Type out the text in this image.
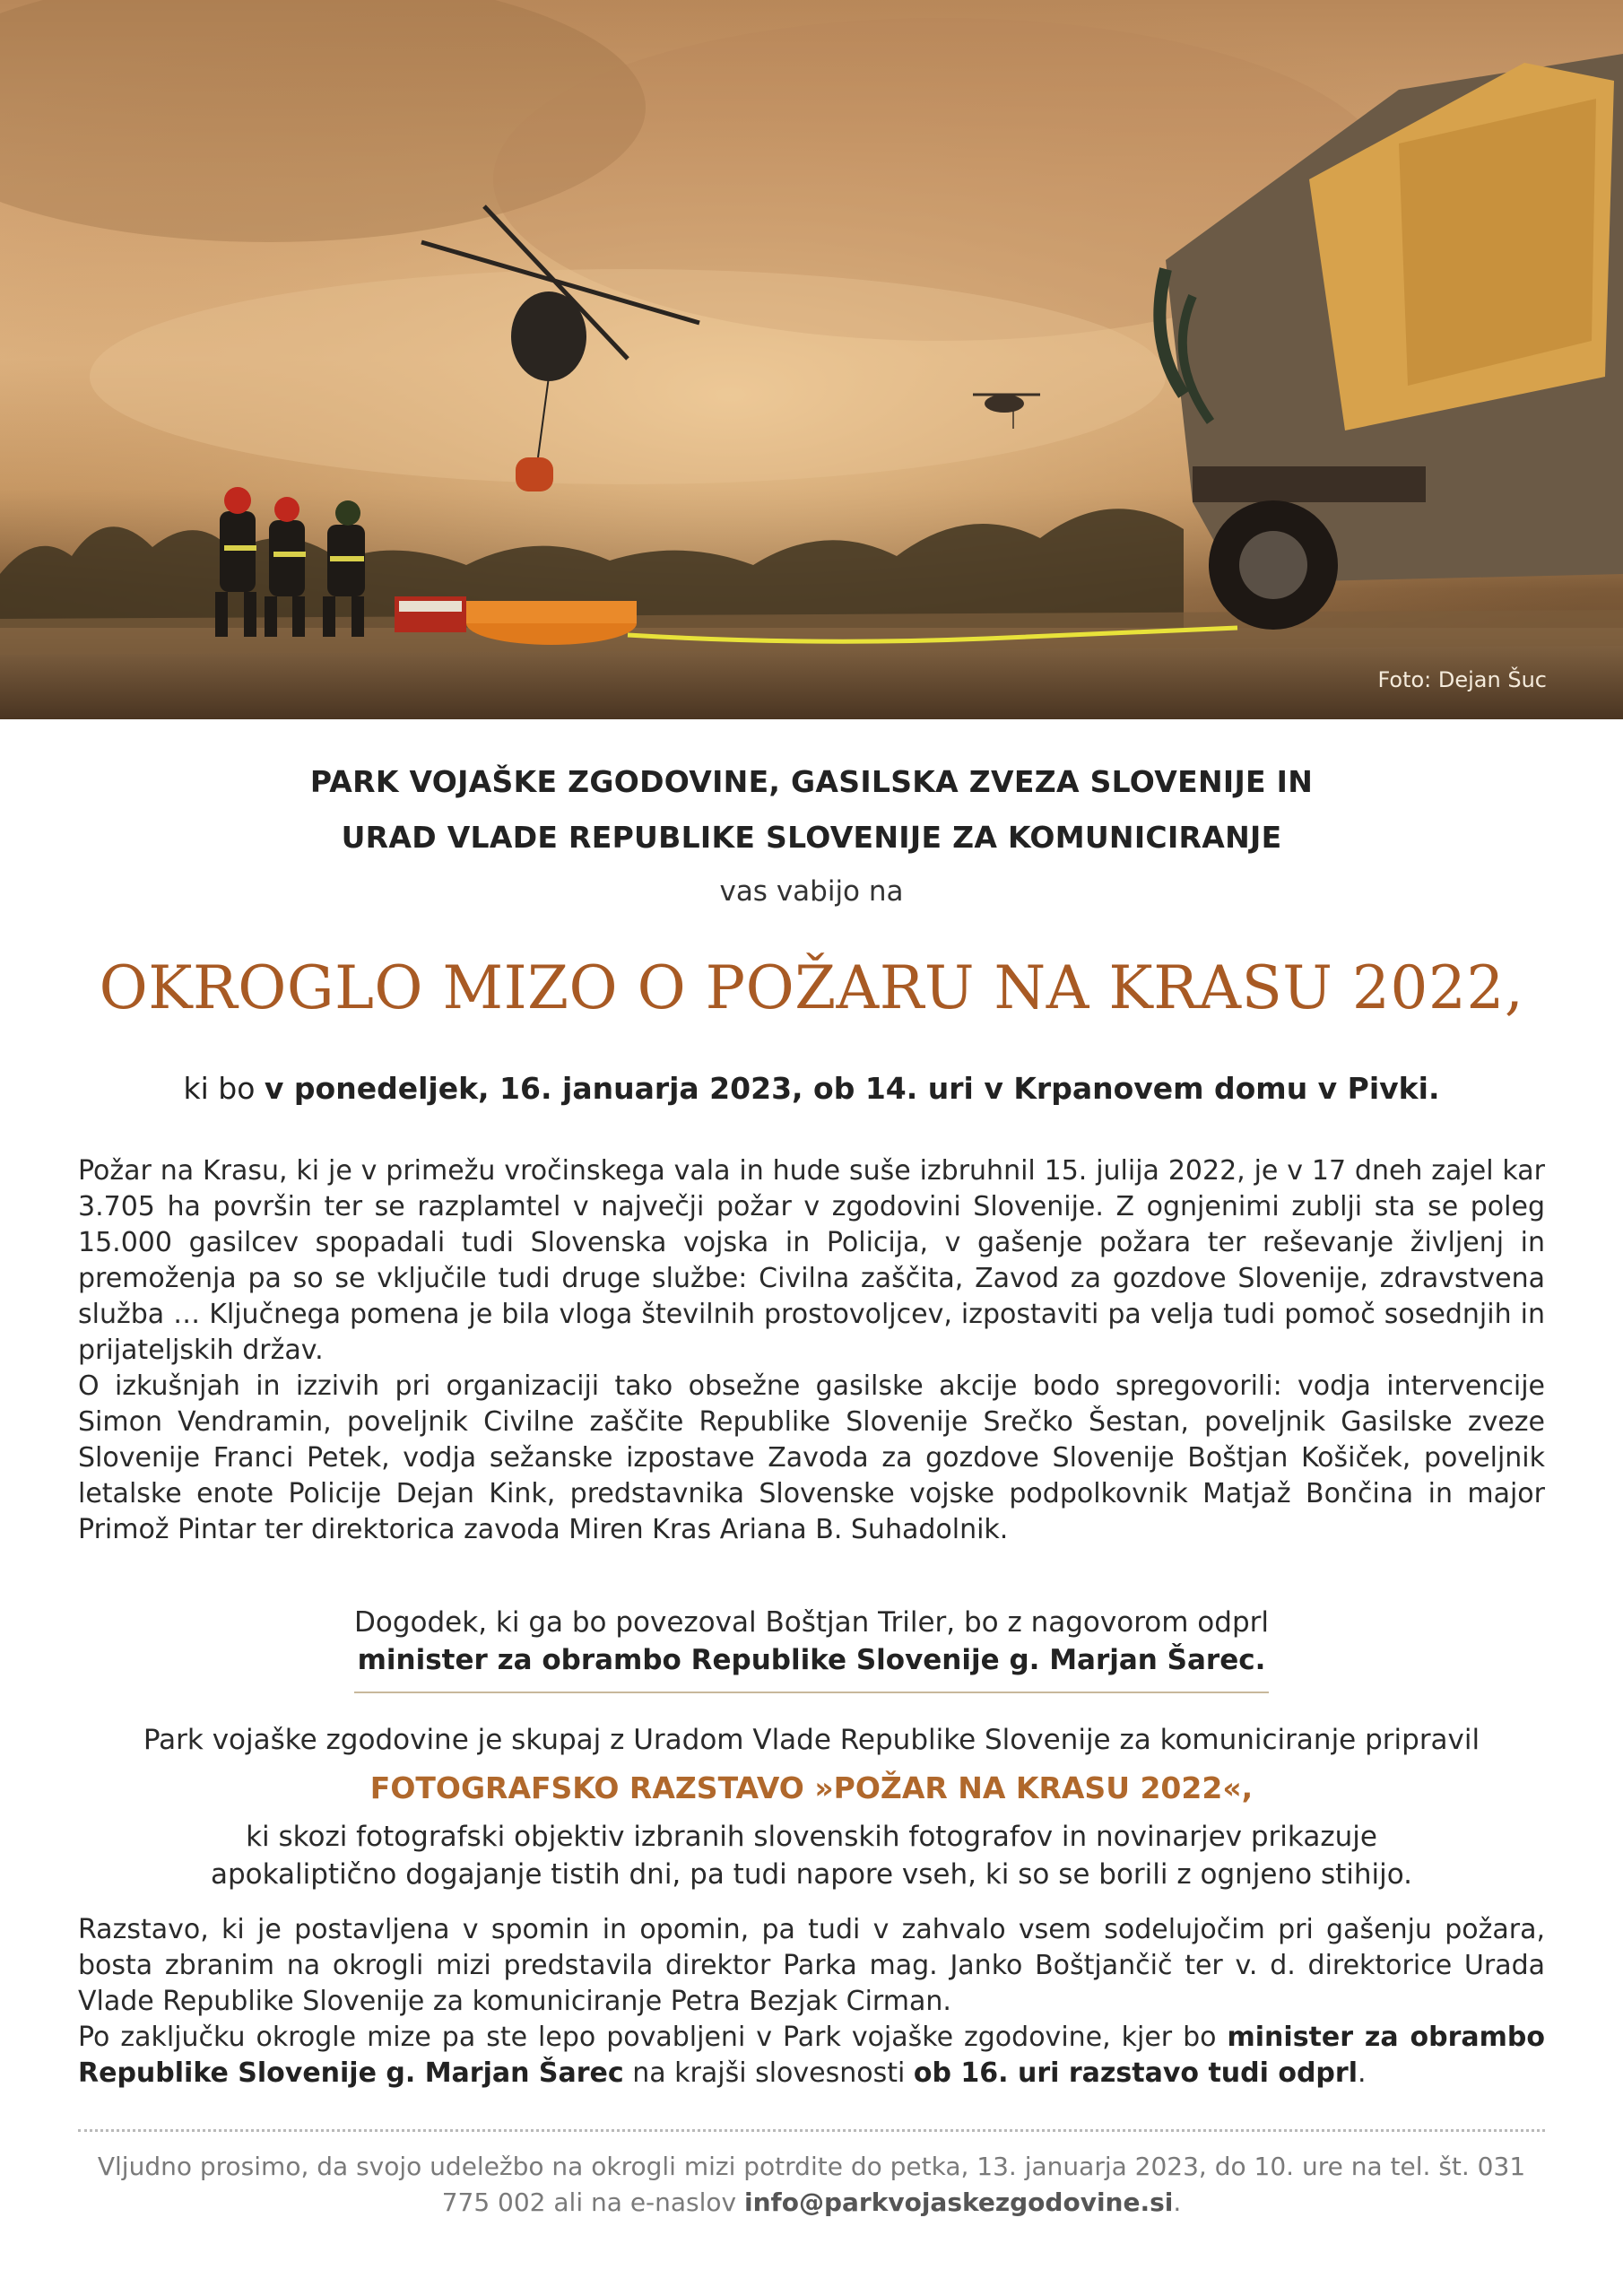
Foto: Dejan Šuc
PARK VOJAŠKE ZGODOVINE, GASILSKA ZVEZA SLOVENIJE IN
URAD VLADE REPUBLIKE SLOVENIJE ZA KOMUNICIRANJE
vas vabijo na
OKROGLO MIZO O POŽARU NA KRASU 2022,
ki bo v ponedeljek, 16. januarja 2023, ob 14. uri v Krpanovem domu v Pivki.
Požar na Krasu, ki je v primežu vročinskega vala in hude suše izbruhnil 15. julija 2022, je v 17 dneh zajel kar 3.705 ha površin ter se razplamtel v največji požar v zgodovini Slovenije. Z ognjenimi zublji sta se poleg 15.000 gasilcev spopadali tudi Slovenska vojska in Policija, v gašenje požara ter reševanje življenj in premoženja pa so se vključile tudi druge službe: Civilna zaščita, Zavod za gozdove Slovenije, zdravstvena služba … Ključnega pomena je bila vloga številnih prostovoljcev, izpostaviti pa velja tudi pomoč sosednjih in prijateljskih držav.
O izkušnjah in izzivih pri organizaciji tako obsežne gasilske akcije bodo spregovorili: vodja intervencije Simon Vendramin, poveljnik Civilne zaščite Republike Slovenije Srečko Šestan, poveljnik Gasilske zveze Slovenije Franci Petek, vodja sežanske izpostave Zavoda za gozdove Slovenije Boštjan Košiček, poveljnik letalske enote Policije Dejan Kink, predstavnika Slovenske vojske podpolkovnik Matjaž Bončina in major Primož Pintar ter direktorica zavoda Miren Kras Ariana B. Suhadolnik.
Dogodek, ki ga bo povezoval Boštjan Triler, bo z nagovorom odprl
minister za obrambo Republike Slovenije g. Marjan Šarec.
Park vojaške zgodovine je skupaj z Uradom Vlade Republike Slovenije za komuniciranje pripravil
FOTOGRAFSKO RAZSTAVO »POŽAR NA KRASU 2022«,
ki skozi fotografski objektiv izbranih slovenskih fotografov in novinarjev prikazuje
apokaliptično dogajanje tistih dni, pa tudi napore vseh, ki so se borili z ognjeno stihijo.
Razstavo, ki je postavljena v spomin in opomin, pa tudi v zahvalo vsem sodelujočim pri gašenju požara, bosta zbranim na okrogli mizi predstavila direktor Parka mag. Janko Boštjančič ter v. d. direktorice Urada Vlade Republike Slovenije za komuniciranje Petra Bezjak Cirman.
Po zaključku okrogle mize pa ste lepo povabljeni v Park vojaške zgodovine, kjer bo minister za obrambo Republike Slovenije g. Marjan Šarec na krajši slovesnosti ob 16. uri razstavo tudi odprl.
Vljudno prosimo, da svojo udeležbo na okrogli mizi potrdite do petka, 13. januarja 2023, do 10. ure na tel. št. 031 775 002 ali na e-naslov info@parkvojaskezgodovine.si.
